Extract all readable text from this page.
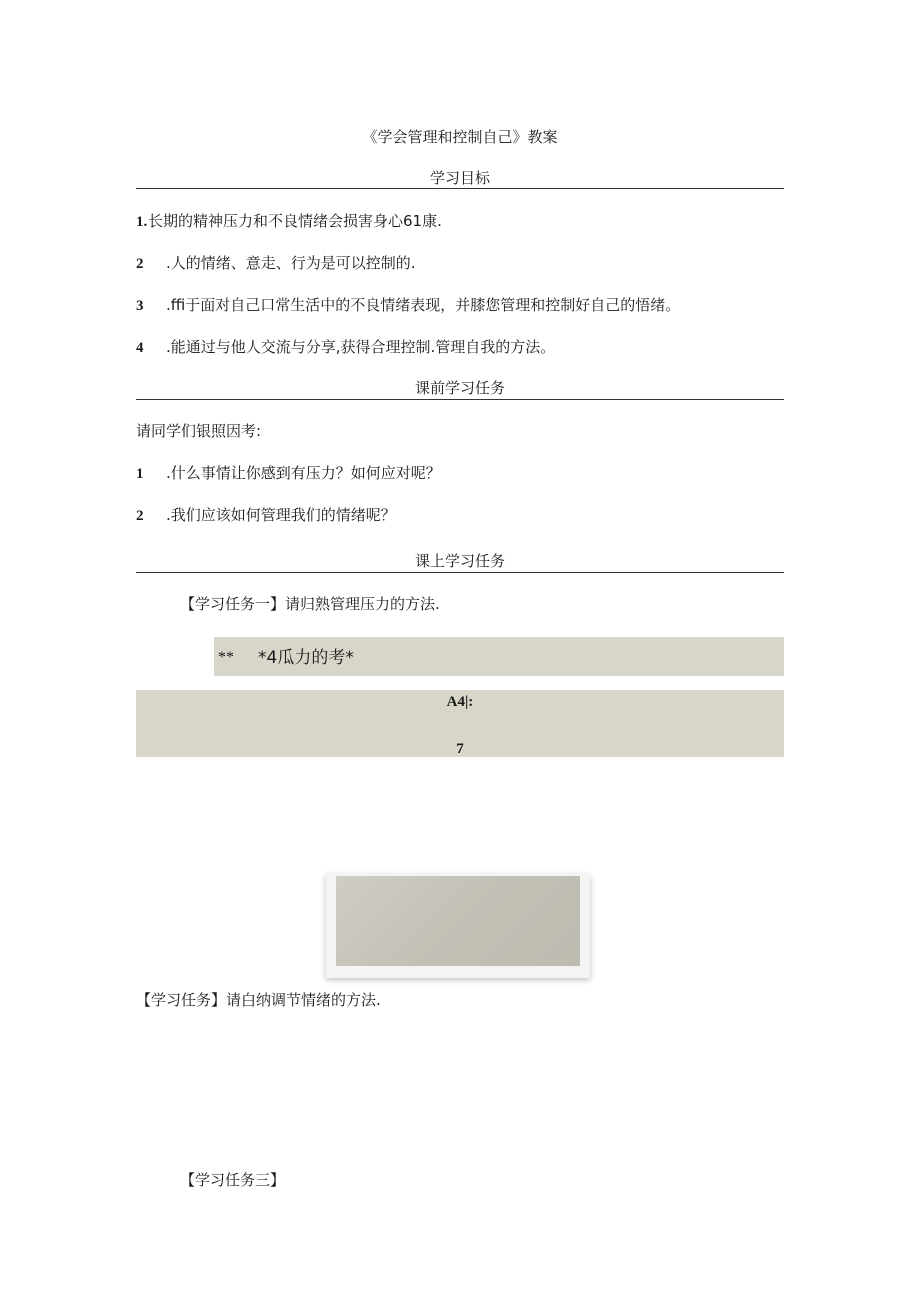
《学会管理和控制自己》教案
学习目标
1.长期的精神压力和不良情绪会损害身心61康.
2 .人的情绪、意走、行为是可以控制的.
3 .ffi于面对自己口常生活中的不良情绪表现，并膝您管理和控制好自己的悟绪。
4 .能通过与他人交流与分享,获得合理控制.管理自我的方法。
课前学习任务
请同学们银照因考:
1 .什么事情让你感到有压力？如何应对呢？
2 .我们应该如何管理我们的情绪呢？
课上学习任务
【学习任务一】请归熟管理压力的方法.
** *4瓜力的考*
A4|:
7
【学习任务】请白纳调节情绪的方法.
【学习任务三】
